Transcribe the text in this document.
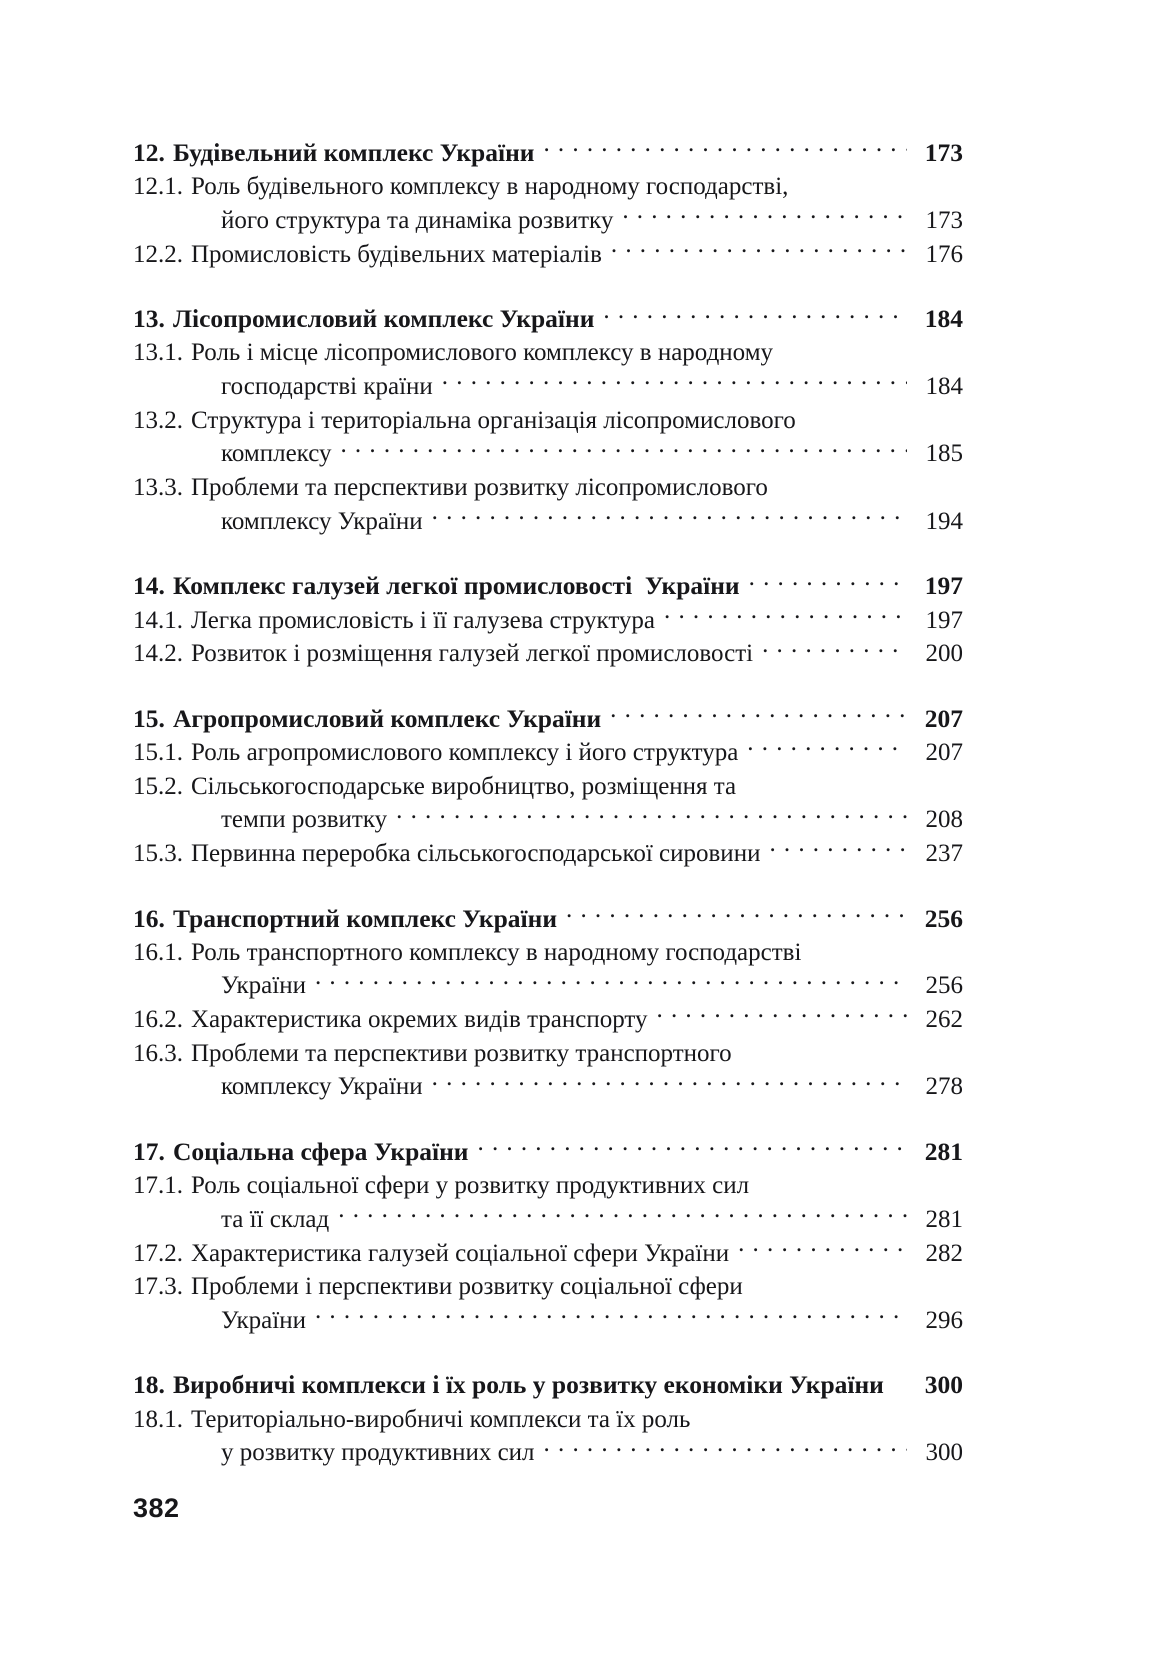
12. Будівельний комплекс України .....	173
12.1. Роль будівельного комплексу в народному господарстві,
його структура та динаміка розвитку .....	173
12.2. Промисловість будівельних матеріалів .....	176
13. Лісопромисловий комплекс України .....	184
13.1. Роль і місце лісопромислового комплексу в народному
господарстві країни .....	184
13.2. Структура і територіальна організація лісопромислового
комплексу .....	185
13.3. Проблеми та перспективи розвитку лісопромислового
комплексу України .....	194
14. Комплекс галузей легкої промисловості  України .....	197
14.1. Легка промисловість і її галузева структура .....	197
14.2. Розвиток і розміщення галузей легкої промисловості .....	200
15. Агропромисловий комплекс України .....	207
15.1. Роль агропромислового комплексу і його структура .....	207
15.2. Сільськогосподарське виробництво, розміщення та
темпи розвитку .....	208
15.3. Первинна переробка сільськогосподарської сировини .....	237
16. Транспортний комплекс України .....	256
16.1. Роль транспортного комплексу в народному господарстві
України .....	256
16.2. Характеристика окремих видів транспорту .....	262
16.3. Проблеми та перспективи розвитку транспортного
комплексу України .....	278
17. Соціальна сфера України .....	281
17.1. Роль соціальної сфери у розвитку продуктивних сил
та її склад .....	281
17.2. Характеристика галузей соціальної сфери України .....	282
17.3. Проблеми і перспективи розвитку соціальної сфери
України .....	296
18. Виробничі комплекси і їх роль у розвитку економіки України	300
18.1. Територіально-виробничі комплекси та їх роль
у розвитку продуктивних сил .....	300
382
